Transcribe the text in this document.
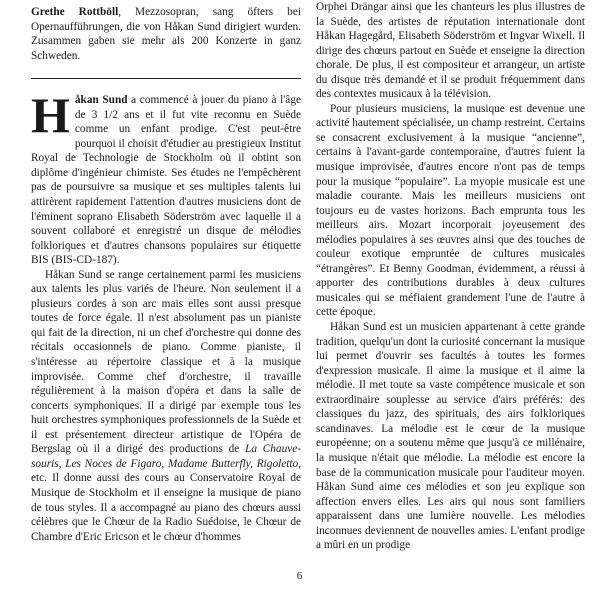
Grethe Rottböll, Mezzosopran, sang öfters bei Opernaufführungen, die von Håkan Sund dirigiert wurden. Zusammen gaben sie mehr als 200 Konzerte in ganz Schweden.

Håkan Sund a commencé à jouer du piano à l'âge de 3 1/2 ans et il fut vite reconnu en Suède comme un enfant prodige. C'est peut-être pourquoi il choisit d'étudier au prestigieux Institut Royal de Technologie de Stockholm où il obtint son diplôme d'ingénieur chimiste. Ses études ne l'empêchèrent pas de poursuivre sa musique et ses multiples talents lui attirèrent rapidement l'attention d'autres musiciens dont de l'éminent soprano Elisabeth Söderström avec laquelle il a souvent collaboré et enregistré un disque de mélodies folkloriques et d'autres chansons populaires sur étiquette BIS (BIS-CD-187).

Håkan Sund se range certainement parmi les musiciens aux talents les plus variés de l'heure. Non seulement il a plusieurs cordes à son arc mais elles sont aussi presque toutes de force égale. Il n'est absolument pas un pianiste qui fait de la direction, ni un chef d'orchestre qui donne des récitals occasionnels de piano. Comme pianiste, il s'intéresse au répertoire classique et à la musique improvisée. Comme chef d'orchestre, il travaille régulièrement à la maison d'opéra et dans la salle de concerts symphoniques. Il a dirigé par exemple tous les huit orchestres symphoniques professionnels de la Suède et il est présentement directeur artistique de l'Opéra de Bergslag où il a dirigé des productions de La Chauve-souris, Les Noces de Figaro, Madame Butterfly, Rigoletto, etc. Il donne aussi des cours au Conservatoire Royal de Musique de Stockholm et il enseigne la musique de piano de tous styles. Il a accompagné au piano des chœurs aussi célèbres que le Chœur de la Radio Suédoise, le Chœur de Chambre d'Eric Ericson et le chœur d'hommes

Orphei Drängar ainsi que les chanteurs les plus illustres de la Suède, des artistes de réputation internationale dont Håkan Hagegård, Elisabeth Söderström et Ingvar Wixell. Il dirige des chœurs partout en Suède et enseigne la direction chorale. De plus, il est compositeur et arrangeur, un artiste du disque très demandé et il se produit fréquemment dans des contextes musicaux à la télévision.

Pour plusieurs musiciens, la musique est devenue une activité hautement spécialisée, un champ restreint. Certains se consacrent exclusivement à la musique “ancienne”, certains à l'avant-garde contemporaine, d'autres fuient la musique improvisée, d'autres encore n'ont pas de temps pour la musique “populaire”. La myopie musicale est une maladie courante. Mais les meilleurs musiciens ont toujours eu de vastes horizons. Bach emprunta tous les meilleurs airs. Mozart incorporait joyeusement des mélodies populaires à ses œuvres ainsi que des touches de couleur exotique empruntée de cultures musicales “étrangères”. Et Benny Goodman, évidemment, a réussi à apporter des contributions durables à deux cultures musicales qui se méfiaient grandement l'une de l'autre à cette époque.

Håkan Sund est un musicien appartenant à cette grande tradition, quelqu'un dont la curiosité concernant la musique lui permet d'ouvrir ses facultés à toutes les formes d'expression musicale. Il aime la musique et il aime la mélodie. Il met toute sa vaste compétence musicale et son extraordinaire souplesse au service d'airs préférés: des classiques du jazz, des spirituals, des airs folkloriques scandinaves. La mélodie est le cœur de la musique européenne; on a soutenu même que jusqu'à ce millénaire, la musique n'était que mélodie. La mélodie est encore la base de la communication musicale pour l'auditeur moyen. Håkan Sund aime ces mélodies et son jeu explique son affection envers elles. Les airs qui nous sont familiers apparaissent dans une lumière nouvelle. Les mélodies inconnues deviennent de nouvelles amies. L'enfant prodige a mûri en un prodige

6
